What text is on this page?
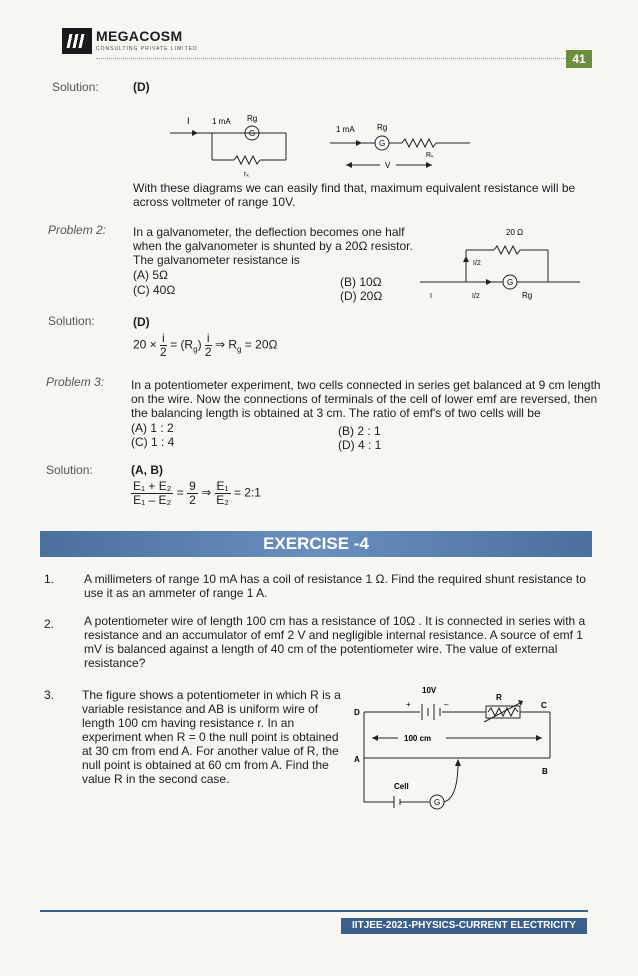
MEGACOSM
CONSULTING PRIVATE LIMITED
41
Solution:	(D)
G
I	1 mA Rg
rₓ
G
1 mA	Rg
Rᵥ
V
With these diagrams we can easily find that, maximum equivalent resistance will be
across voltmeter of range 10V.
Problem 2: In a galvanometer, the deflection becomes one half
when the galvanometer is shunted by a 20Ω resistor.
The galvanometer resistance is
(A) 5Ω
(C) 40Ω
(B) 10Ω
(D) 20Ω
20 Ω
I/2
G
I	I/2	Rg
Solution:	(D)
$20 \times \frac{i}{2} = (R_g) \frac{i}{2}$ ⇒ $R_g = 20\Omega$
Problem 3: In a potentiometer experiment, two cells connected in series get balanced at 9 cm length
on the wire. Now the connections of terminals of the cell of lower emf are reversed, then
the balancing length is obtained at 3 cm. The ratio of emf's of two cells will be
(A) 1 : 2
(C) 1 : 4
(B) 2 : 1
(D) 4 : 1
Solution:	(A, B)
$\frac{\text{E₁ + E₂}}{\text{E₁ – E₂}} = \frac{9}{2}$ ⇒ $\frac{\text{E₁}}{\text{E₂}}$ = 2:1
EXERCISE -4
1. A millimeters of range 10 mA has a coil of resistance 1 Ω. Find the required shunt resistance to
use it as an ammeter of range 1 A.
2. A potentiometer wire of length 100 cm has a resistance of 10Ω . It is connected in series with a
resistance and an accumulator of emf 2 V and negligible internal resistance. A source of emf 1
mV is balanced against a length of 40 cm of the potentiometer wire. The value of external
resistance?
3. The figure shows a potentiometer in which R is a
variable resistance and AB is uniform wire of
length 100 cm having resistance r. In an
experiment when R = 0 the null point is obtained
at 30 cm from end A. For another value of R, the
null point is obtained at 60 cm from A. Find the
value R in the second case.
10V
R
+	–
D
C
100 cm
A
B
Cell
G
IITJEE-2021-PHYSICS-CURRENT ELECTRICITY
